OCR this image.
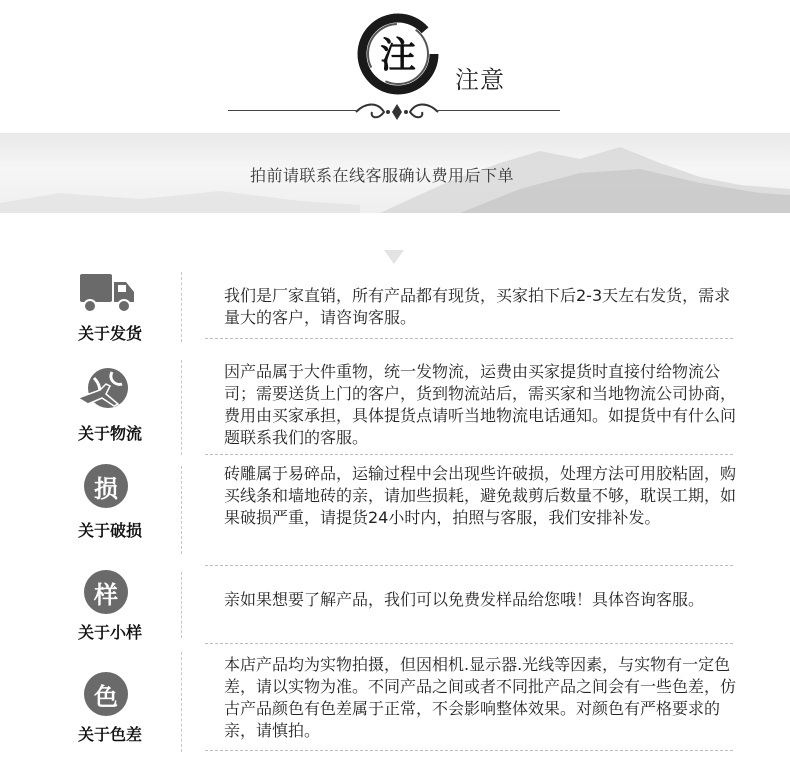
注
注意
拍前请联系在线客服确认费用后下单
关于发货
我们是厂家直销，所有产品都有现货，买家拍下后2-3天左右发货，需求量大的客户，请咨询客服。
关于物流
因产品属于大件重物，统一发物流，运费由买家提货时直接付给物流公司；需要送货上门的客户，货到物流站后，需买家和当地物流公司协商，费用由买家承担，具体提货点请听当地物流电话通知。如提货中有什么问题联系我们的客服。
损
关于破损
砖雕属于易碎品，运输过程中会出现些许破损，处理方法可用胶粘固，购买线条和墙地砖的亲，请加些损耗，避免裁剪后数量不够，耽误工期，如果破损严重，请提货24小时内，拍照与客服，我们安排补发。
样
关于小样
亲如果想要了解产品，我们可以免费发样品给您哦！具体咨询客服。
色
关于色差
本店产品均为实物拍摄，但因相机.显示器.光线等因素，与实物有一定色差，请以实物为准。不同产品之间或者不同批产品之间会有一些色差，仿古产品颜色有色差属于正常，不会影响整体效果。对颜色有严格要求的亲，请慎拍。
